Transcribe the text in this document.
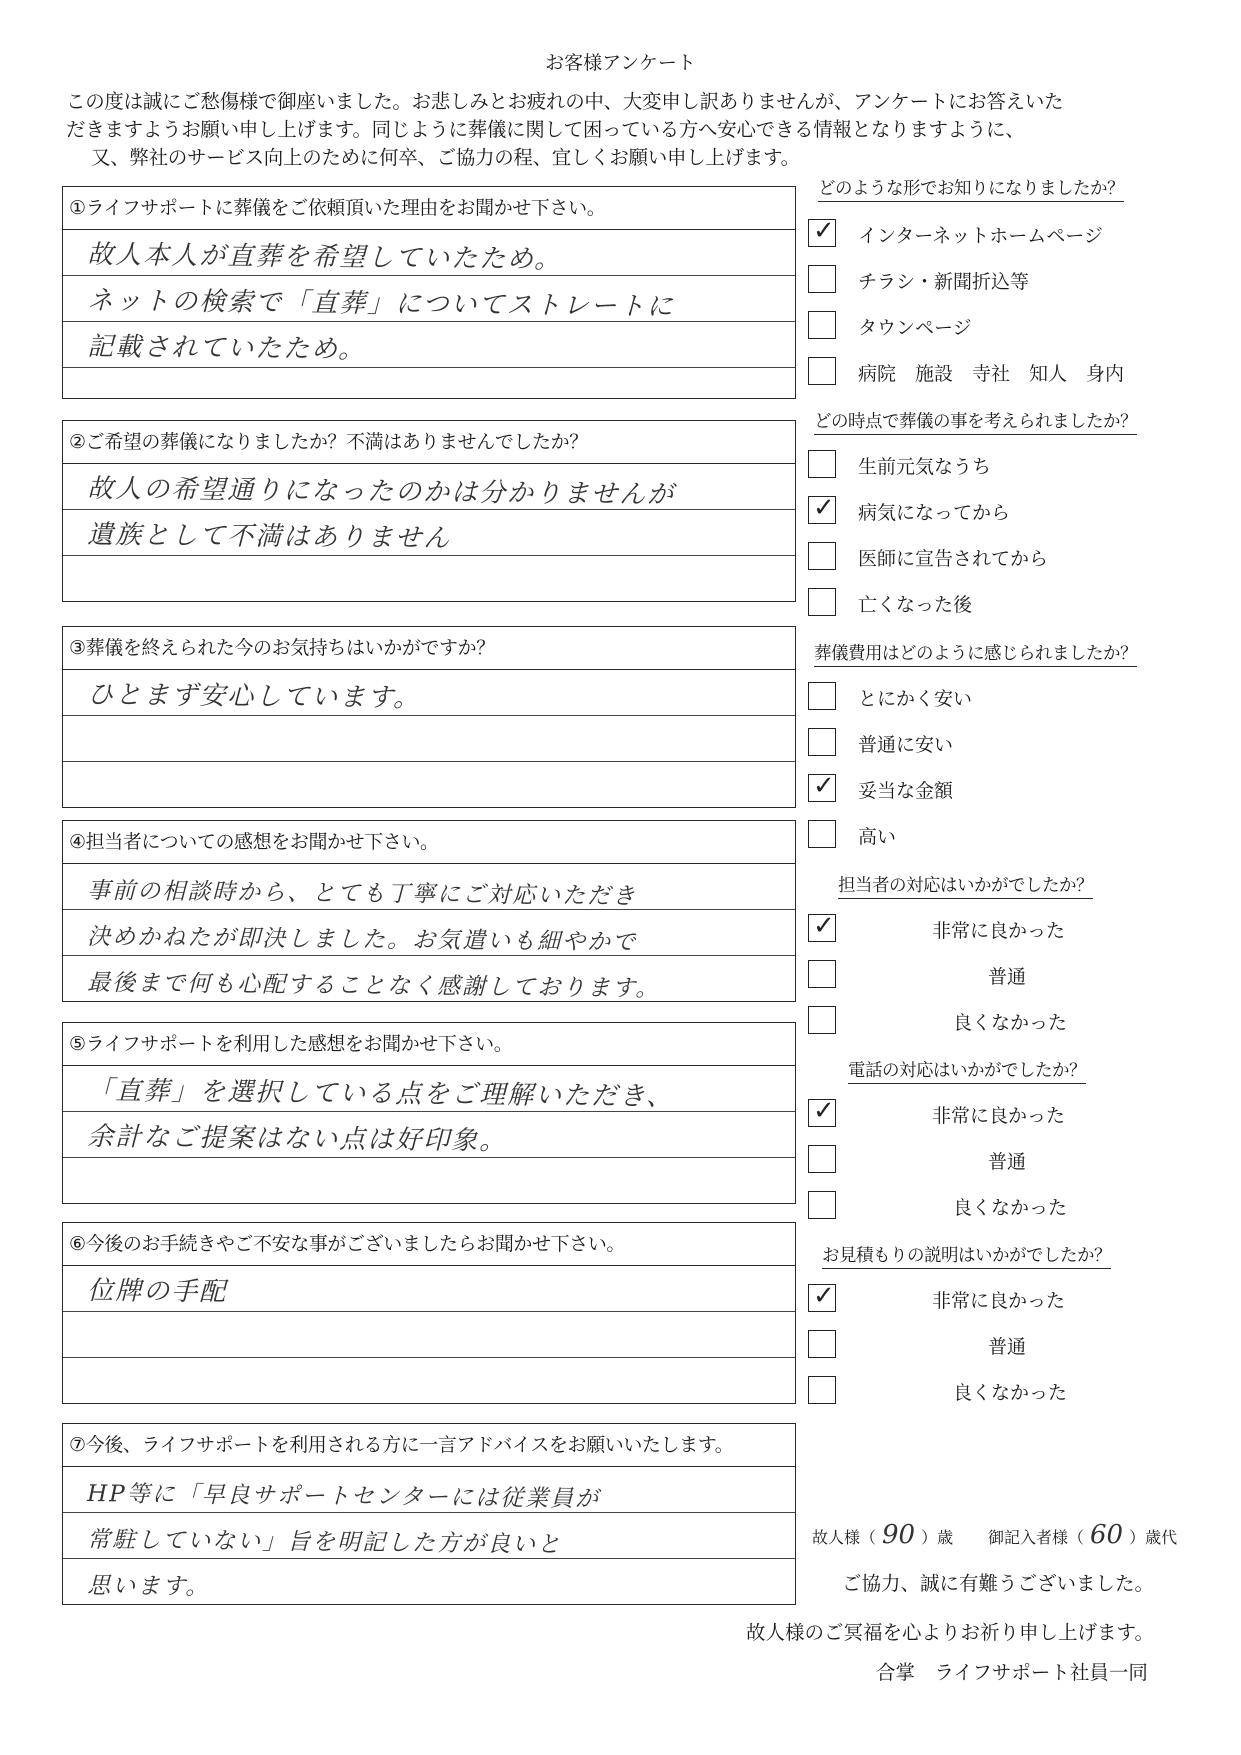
お客様アンケート
この度は誠にご愁傷様で御座いました。お悲しみとお疲れの中、大変申し訳ありませんが、アンケートにお答えいた
だきますようお願い申し上げます。同じように葬儀に関して困っている方へ安心できる情報となりますように、
又、弊社のサービス向上のために何卒、ご協力の程、宜しくお願い申し上げます。
①ライフサポートに葬儀をご依頼頂いた理由をお聞かせ下さい。
故人本人が直葬を希望していたため。
ネットの検索で「直葬」についてストレートに
記載されていたため。
②ご希望の葬儀になりましたか？不満はありませんでしたか？
故人の希望通りになったのかは分かりませんが
遺族として不満はありません
③葬儀を終えられた今のお気持ちはいかがですか？
ひとまず安心しています。
④担当者についての感想をお聞かせ下さい。
事前の相談時から、とても丁寧にご対応いただき
決めかねたが即決しました。お気遣いも細やかで
最後まで何も心配することなく感謝しております。
⑤ライフサポートを利用した感想をお聞かせ下さい。
「直葬」を選択している点をご理解いただき、
余計なご提案はない点は好印象。
⑥今後のお手続きやご不安な事がございましたらお聞かせ下さい。
位牌の手配
⑦今後、ライフサポートを利用される方に一言アドバイスをお願いいたします。
HP等に「早良サポートセンターには従業員が
常駐していない」旨を明記した方が良いと
思います。
どのような形でお知りになりましたか？
✓ インターネットホームページ
チラシ・新聞折込等
タウンページ
病院　施設　寺社　知人　身内
どの時点で葬儀の事を考えられましたか？
生前元気なうち
✓ 病気になってから
医師に宣告されてから
亡くなった後
葬儀費用はどのように感じられましたか？
とにかく安い
普通に安い
✓ 妥当な金額
高い
担当者の対応はいかがでしたか？
✓	非常に良かった
普通
良くなかった
電話の対応はいかがでしたか？
✓	非常に良かった
普通
良くなかった
お見積もりの説明はいかがでしたか？
✓	非常に良かった
普通
良くなかった
故人様（ 90 ）歳 御記入者様（ 60 ）歳代
ご協力、誠に有難うございました。
故人様のご冥福を心よりお祈り申し上げます。
合掌　ライフサポート社員一同
